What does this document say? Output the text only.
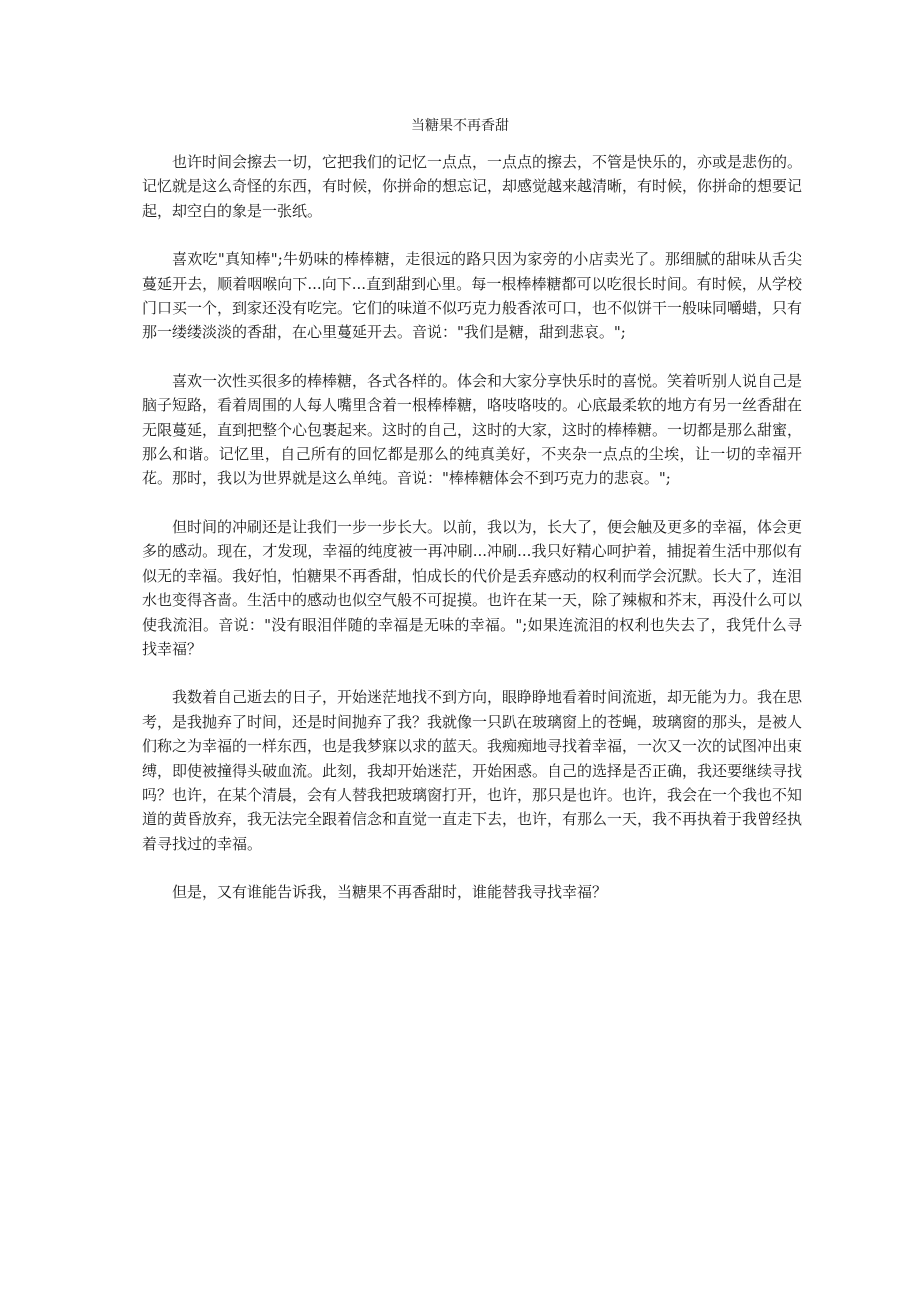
当糖果不再香甜

也许时间会擦去一切，它把我们的记忆一点点，一点点的擦去，不管是快乐的，亦或是悲伤的。记忆就是这么奇怪的东西，有时候，你拼命的想忘记，却感觉越来越清晰，有时候，你拼命的想要记起，却空白的象是一张纸。

喜欢吃"真知棒";牛奶味的棒棒糖，走很远的路只因为家旁的小店卖光了。那细腻的甜味从舌尖蔓延开去，顺着咽喉向下...向下...直到甜到心里。每一根棒棒糖都可以吃很长时间。有时候，从学校门口买一个，到家还没有吃完。它们的味道不似巧克力般香浓可口，也不似饼干一般味同嚼蜡，只有那一缕缕淡淡的香甜，在心里蔓延开去。音说："我们是糖，甜到悲哀。";

喜欢一次性买很多的棒棒糖，各式各样的。体会和大家分享快乐时的喜悦。笑着听别人说自己是脑子短路，看着周围的人每人嘴里含着一根棒棒糖，咯吱咯吱的。心底最柔软的地方有另一丝香甜在无限蔓延，直到把整个心包裹起来。这时的自己，这时的大家，这时的棒棒糖。一切都是那么甜蜜，那么和谐。记忆里，自己所有的回忆都是那么的纯真美好，不夹杂一点点的尘埃，让一切的幸福开花。那时，我以为世界就是这么单纯。音说："棒棒糖体会不到巧克力的悲哀。";

但时间的冲刷还是让我们一步一步长大。以前，我以为，长大了，便会触及更多的幸福，体会更多的感动。现在，才发现，幸福的纯度被一再冲刷...冲刷...我只好精心呵护着，捕捉着生活中那似有似无的幸福。我好怕，怕糖果不再香甜，怕成长的代价是丢弃感动的权利而学会沉默。长大了，连泪水也变得吝啬。生活中的感动也似空气般不可捉摸。也许在某一天，除了辣椒和芥末，再没什么可以使我流泪。音说："没有眼泪伴随的幸福是无味的幸福。";如果连流泪的权利也失去了，我凭什么寻找幸福？

我数着自己逝去的日子，开始迷茫地找不到方向，眼睁睁地看着时间流逝，却无能为力。我在思考，是我抛弃了时间，还是时间抛弃了我？我就像一只趴在玻璃窗上的苍蝇，玻璃窗的那头，是被人们称之为幸福的一样东西，也是我梦寐以求的蓝天。我痴痴地寻找着幸福，一次又一次的试图冲出束缚，即使被撞得头破血流。此刻，我却开始迷茫，开始困惑。自己的选择是否正确，我还要继续寻找吗？也许，在某个清晨，会有人替我把玻璃窗打开，也许，那只是也许。也许，我会在一个我也不知道的黄昏放弃，我无法完全跟着信念和直觉一直走下去，也许，有那么一天，我不再执着于我曾经执着寻找过的幸福。

但是，又有谁能告诉我，当糖果不再香甜时，谁能替我寻找幸福？
